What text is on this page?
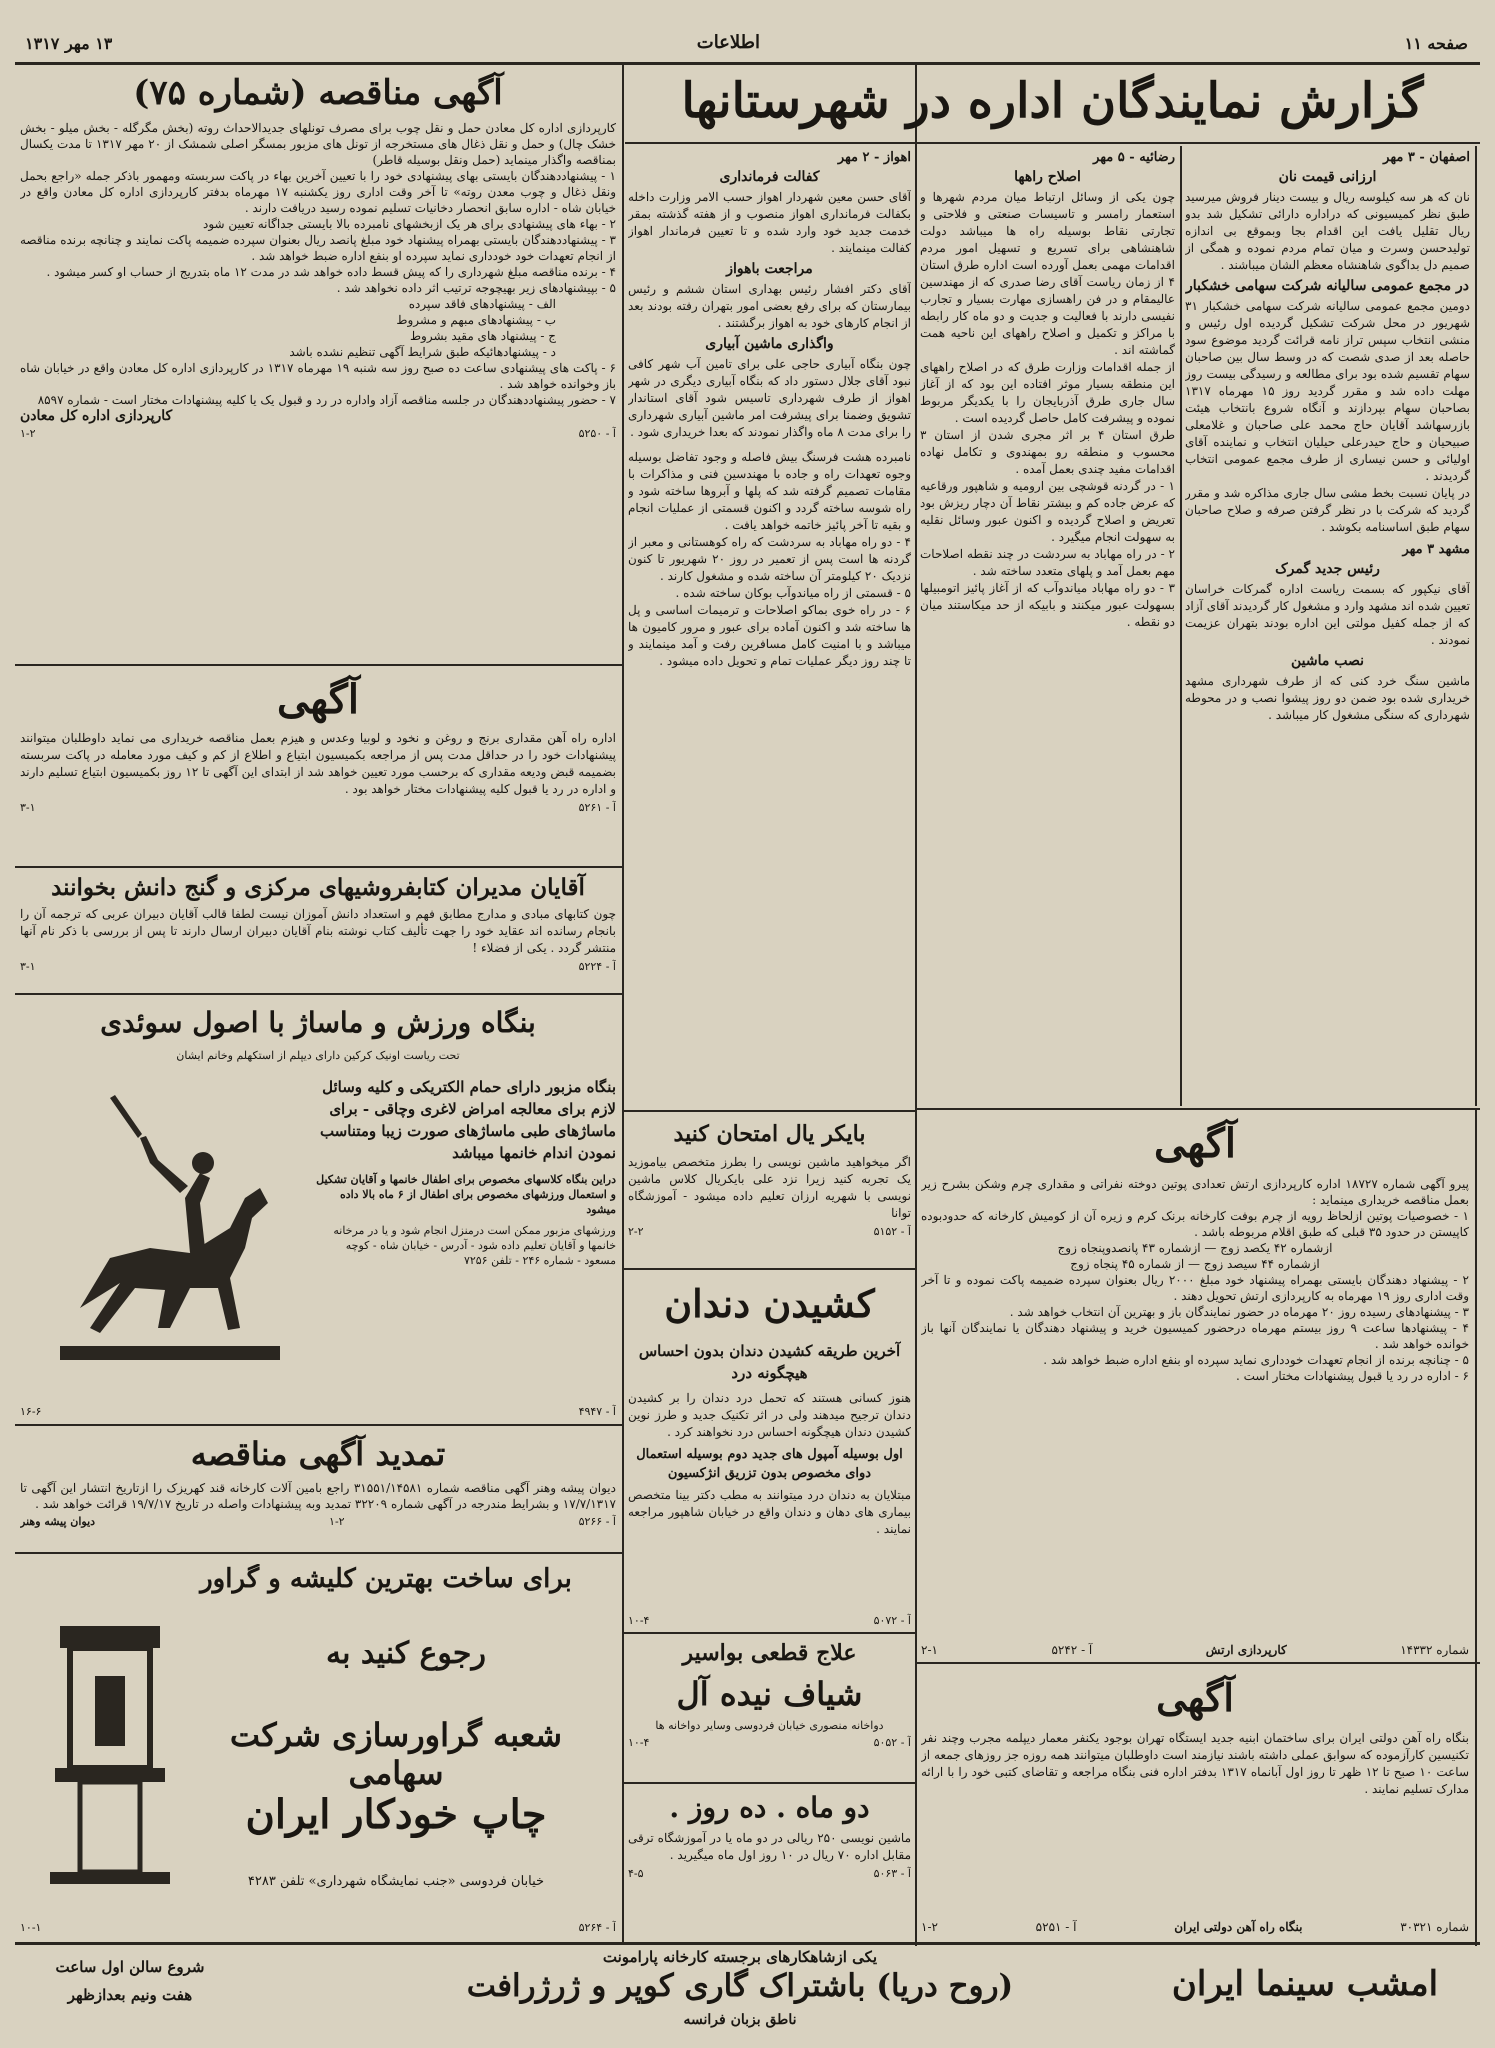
صفحه ۱۱
اطلاعات
۱۳ مهر ۱۳۱۷
گزارش نمایندگان اداره در شهرستانها
اصفهان - ۳ مهر
ارزانی قیمت نان
نان که هر سه کیلوسه ریال و بیست دینار فروش میرسید طبق نظر کمیسیونی که دراداره دارائی تشکیل شد بدو ریال تقلیل یافت این اقدام بجا وبموقع بی اندازه تولیدحسن وسرت و میان تمام مردم نموده و همگی از صمیم دل بداگوی شاهنشاه معظم الشان میباشند .
در مجمع عمومی سالیانه شرکت سهامی خشکبار
دومین مجمع عمومی سالیانه شرکت سهامی خشکبار ۳۱ شهریور در محل شرکت تشکیل گردیده اول رئیس و منشی انتخاب سپس تراز نامه قرائت گردید موضوع سود حاصله بعد از صدی شصت که در وسط سال بین صاحبان سهام تقسیم شده بود برای مطالعه و رسیدگی بیست روز مهلت داده شد و مقرر گردید روز ۱۵ مهرماه ۱۳۱۷ بصاحبان سهام بپردازند و آنگاه شروع بانتخاب هیئت بازرسهاشد آقایان حاج محمد علی صاحبان و غلامعلی صبیحیان و حاج حیدرعلی حیلیان انتخاب و نماینده آقای اولیائی و حسن نیساری از طرف مجمع عمومی انتخاب گردیدند .
در پایان نسبت بخط مشی سال جاری مذاکره شد و مقرر گردید که شرکت با در نظر گرفتن صرفه و صلاح صاحبان سهام طبق اساسنامه بکوشد .
مشهد ۳ مهر
رئیس جدید گمرک
آقای نیکپور که بسمت ریاست اداره گمرکات خراسان تعیین شده اند مشهد وارد و مشغول کار گردیدند آقای آزاد که از جمله کفیل مولتی این اداره بودند بتهران عزیمت نمودند .
نصب ماشین
ماشین سنگ خرد کنی که از طرف شهرداری مشهد خریداری شده بود ضمن دو روز پیشوا نصب و در محوطه شهرداری که سنگی مشغول کار میباشد .
رضائیه - ۵ مهر
اصلاح راهها
چون یکی از وسائل ارتباط میان مردم شهرها و استعمار رامسر و تاسیسات صنعتی و فلاحتی و تجارتی نقاط بوسیله راه ها میباشد دولت شاهنشاهی برای تسریع و تسهیل امور مردم اقدامات مهمی بعمل آورده است اداره طرق استان ۴ از زمان ریاست آقای رضا صدری که از مهندسین عالیمقام و در فن راهسازی مهارت بسیار و تجارب نفیسی دارند با فعالیت و جدیت و دو ماه کار رابطه با مراکز و تکمیل و اصلاح راههای این ناحیه همت گماشته اند .
از جمله اقدامات وزارت طرق که در اصلاح راههای این منطقه بسیار موثر افتاده این بود که از آغاز سال جاری طرق آذربایجان را با یکدیگر مربوط نموده و پیشرفت کامل حاصل گردیده است .
طرق استان ۴ بر اثر مجری شدن از استان ۳ محسوب و منطقه رو بمهندوی و تکامل نهاده اقدامات مفید چندی بعمل آمده .
۱ - در گردنه قوشچی بین ارومیه و شاهپور ورقاعیه که عرض جاده کم و بیشتر نقاط آن دچار ریزش بود تعریض و اصلاح گردیده و اکنون عبور وسائل نقلیه به سهولت انجام میگیرد .
۲ - در راه مهاباد به سردشت در چند نقطه اصلاحات مهم بعمل آمد و پلهای متعدد ساخته شد .
۳ - دو راه مهاباد میاندوآب که از آغاز پائیز اتومبیلها بسهولت عبور میکنند و بابیکه از حد میکاستند میان دو نقطه .
اهواز - ۲ مهر
کفالت فرمانداری
آقای حسن معین شهردار اهواز حسب الامر وزارت داخله بکفالت فرمانداری اهواز منصوب و از هفته گذشته بمقر خدمت جدید خود وارد شده و تا تعیین فرماندار اهواز کفالت مینمایند .
مراجعت باهواز
آقای دکتر افشار رئیس بهداری استان ششم و رئیس بیمارستان که برای رفع بعضی امور بتهران رفته بودند بعد از انجام کارهای خود به اهواز برگشتند .
واگذاری ماشین آبیاری
چون بنگاه آبیاری حاجی علی برای تامین آب شهر کافی نبود آقای جلال دستور داد که بنگاه آبیاری دیگری در شهر اهواز از طرف شهرداری تاسیس شود آقای استاندار تشویق وضمنا برای پیشرفت امر ماشین آبیاری شهرداری را برای مدت ۸ ماه واگذار نمودند که بعدا خریداری شود .
نامبرده هشت فرسنگ بیش فاصله و وجود تفاضل بوسیله وجوه تعهدات راه و جاده با مهندسین فنی و مذاکرات با مقامات تصمیم گرفته شد که پلها و آبروها ساخته شود و راه شوسه ساخته گردد و اکنون قسمتی از عملیات انجام و بقیه تا آخر پائیز خاتمه خواهد یافت .
۴ - دو راه مهاباد به سردشت که راه کوهستانی و معبر از گردنه ها است پس از تعمیر در روز ۲۰ شهریور تا کنون نزدیک ۲۰ کیلومتر آن ساخته شده و مشغول کارند .
۵ - قسمتی از راه میاندوآب بوکان ساخته شده .
۶ - در راه خوی بماکو اصلاحات و ترمیمات اساسی و پل ها ساخته شد و اکنون آماده برای عبور و مرور کامیون ها میباشد و با امنیت کامل مسافرین رفت و آمد مینمایند و تا چند روز دیگر عملیات تمام و تحویل داده میشود .
آگهی مناقصه (شماره ۷۵)
کارپردازی اداره کل معادن حمل و نقل چوب برای مصرف تونلهای جدیدالاحداث روته (بخش مگرگله - بخش میلو - بخش خشک چال) و حمل و نقل ذغال های مستخرجه از تونل های مزبور بمسگر اصلی شمشک از ۲۰ مهر ۱۳۱۷ تا مدت یکسال بمناقصه واگذار مینماید (حمل ونقل بوسیله قاطر)
۱ - پیشنهاددهندگان بایستی بهای پیشنهادی خود را با تعیین آخرین بهاء در پاکت سربسته ومهمور باذکر جمله «راجع بحمل ونقل ذغال و چوب معدن روته» تا آخر وقت اداری روز یکشنبه ۱۷ مهرماه بدفتر کارپردازی اداره کل معادن واقع در خیابان شاه - اداره سابق انحصار دخانیات تسلیم نموده رسید دریافت دارند .
۲ - بهاء های پیشنهادی برای هر یک ازبخشهای نامبرده بالا بایستی جداگانه تعیین شود
۳ - پیشنهاددهندگان بایستی بهمراه پیشنهاد خود مبلغ پانصد ریال بعنوان سپرده ضمیمه پاکت نمایند و چنانچه برنده مناقصه از انجام تعهدات خود خودداری نماید سپرده او بنفع اداره ضبط خواهد شد .
۴ - برنده مناقصه مبلغ شهرداری را که پیش قسط داده خواهد شد در مدت ۱۲ ماه بتدریج از حساب او کسر میشود .
۵ - بپیشنهادهای زیر بهیچوجه ترتیب اثر داده نخواهد شد .
الف - پیشنهادهای فاقد سپرده
ب - پیشنهادهای مبهم و مشروط
ج - پیشنهاد های مقید بشروط
د - پیشنهادهائیکه طبق شرایط آگهی تنظیم نشده باشد
۶ - پاکت های پیشنهادی ساعت ده صبح روز سه شنبه ۱۹ مهرماه ۱۳۱۷ در کارپردازی اداره کل معادن واقع در خیابان شاه باز وخوانده خواهد شد .
۷ - حضور پیشنهاددهندگان در جلسه مناقصه آزاد واداره در رد و قبول یک یا کلیه پیشنهادات مختار است - شماره ۸۵۹۷
کارپردازی اداره کل معادن
آ - ۵۲۵۰
۱-۲
آگهی
اداره راه آهن مقداری برنج و روغن و نخود و لوبیا وعدس و هیزم بعمل مناقصه خریداری می نماید داوطلبان میتوانند پیشنهادات خود را در حداقل مدت پس از مراجعه بکمیسیون ابتیاع و اطلاع از کم و کیف مورد معامله در پاکت سربسته بضمیمه قبض ودیعه مقداری که برحسب مورد تعیین خواهد شد از ابتدای این آگهی تا ۱۲ روز بکمیسیون ابتیاع تسلیم دارند و اداره در رد یا قبول کلیه پیشنهادات مختار خواهد بود .
آ - ۵۲۶۱
۳-۱
آقایان مدیران کتابفروشیهای مرکزی و گنج دانش بخوانند
چون کتابهای مبادی و مدارج مطابق فهم و استعداد دانش آموزان نیست لطفا قالب آقایان دبیران عربی که ترجمه آن را بانجام رسانده اند عقاید خود را جهت تألیف کتاب نوشته بنام آقایان دبیران ارسال دارند تا پس از بررسی با ذکر نام آنها منتشر گردد . یکی از فضلاء !
آ - ۵۲۲۴
۳-۱
بنگاه ورزش و ماساژ با اصول سوئدی
تحت ریاست اونیک کرکین دارای دیپلم از استکهلم وخانم ایشان
بنگاه مزبور دارای حمام الکتریکی و کلیه وسائل لازم برای معالجه امراض لاغری وچاقی - برای ماساژهای طبی ماساژهای صورت زیبا ومتناسب نمودن اندام خانمها میباشد
دراین بنگاه کلاسهای مخصوص برای اطفال خانمها و آقایان تشکیل و استعمال ورزشهای مخصوص برای اطفال از ۶ ماه بالا داده میشود
ورزشهای مزبور ممکن است درمنزل انجام شود و یا در مرخانه خانمها و آقایان تعلیم داده شود - آدرس - خیابان شاه - کوچه مسعود - شماره ۲۴۶ - تلفن ۷۲۵۶
آ - ۴۹۴۷
۱۶-۶
تمدید آگهی مناقصه
دیوان پیشه وهنر آگهی مناقصه شماره ۳۱۵۵۱/۱۴۵۸۱ راجع بامین آلات کارخانه قند کهریزک را ازتاریخ انتشار این آگهی تا ۱۷/۷/۱۳۱۷ و بشرایط مندرجه در آگهی شماره ۳۲۲۰۹ تمدید وبه پیشنهادات واصله در تاریخ ۱۹/۷/۱۷ قرائت خواهد شد .
آ - ۵۲۶۶
۱-۲
دیوان پیشه وهنر
برای ساخت بهترین کلیشه و گراور
رجوع کنید به
شعبه گراورسازی شرکت سهامی
چاپ خودکار ایران
خیابان فردوسی «جنب نمایشگاه شهرداری» تلفن ۴۲۸۳
آ - ۵۲۶۴
۱۰-۱
بایکر یال امتحان کنید
اگر میخواهید ماشین نویسی را بطرز متخصص بیاموزید یک تجربه کنید زیرا نزد علی بایکریال کلاس ماشین نویسی با شهریه ارزان تعلیم داده میشود - آموزشگاه توانا
آ - ۵۱۵۲
۲-۲
کشیدن دندان
آخرین طریقه کشیدن دندان بدون احساس هیچگونه درد
هنوز کسانی هستند که تحمل درد دندان را بر کشیدن دندان ترجیح میدهند ولی در اثر تکنیک جدید و طرز نوین کشیدن دندان هیچگونه احساس درد نخواهند کرد .
اول بوسیله آمپول های جدید دوم بوسیله استعمال دوای مخصوص بدون تزریق انژکسیون
مبتلایان به دندان درد میتوانند به مطب دکتر بینا متخصص بیماری های دهان و دندان واقع در خیابان شاهپور مراجعه نمایند .
آ - ۵۰۷۲
۱۰-۴
علاج قطعی بواسیر
شیاف نیده آل
دواخانه منصوری خیابان فردوسی وسایر دواخانه ها
آ - ۵۰۵۲
۱۰-۴
دو ماه . ده روز .
ماشین نویسی ۲۵۰ ریالی در دو ماه یا در آموزشگاه ترقی مقابل اداره ۷۰ ریال در ۱۰ روز اول ماه میگیرید .
آ - ۵۰۶۳
۴-۵
آگهی
پیرو آگهی شماره ۱۸۷۲۷ اداره کارپردازی ارتش تعدادی پوتین دوخته نفراتی و مقداری چرم وشکن بشرح زیر بعمل مناقصه خریداری مینماید :
۱ - خصوصیات پوتین ازلحاظ رویه از چرم بوفت کارخانه برنک کرم و زیره آن از کومیش کارخانه که حدودبوده کاپیستن در حدود ۳۵ قبلی که طبق اقلام مربوطه باشد .
ازشماره ۴۲ یکصد زوج — ازشماره ۴۳ پانصدوپنجاه زوج
ازشماره ۴۴ سیصد زوج — از شماره ۴۵ پنجاه زوج
۲ - پیشنهاد دهندگان بایستی بهمراه پیشنهاد خود مبلغ ۲۰۰۰ ریال بعنوان سپرده ضمیمه پاکت نموده و تا آخر وقت اداری روز ۱۹ مهرماه به کارپردازی ارتش تحویل دهند .
۳ - پیشنهادهای رسیده روز ۲۰ مهرماه در حضور نمایندگان باز و بهترین آن انتخاب خواهد شد .
۴ - پیشنهادها ساعت ۹ روز بیستم مهرماه درحضور کمیسیون خرید و پیشنهاد دهندگان یا نمایندگان آنها باز خوانده خواهد شد .
۵ - چنانچه برنده از انجام تعهدات خودداری نماید سپرده او بنفع اداره ضبط خواهد شد .
۶ - اداره در رد یا قبول پیشنهادات مختار است .
شماره ۱۴۳۳۲
کارپردازی ارتش
آ - ۵۲۴۲
۲-۱
آگهی
بنگاه راه آهن دولتی ایران برای ساختمان ابنیه جدید ایستگاه تهران بوجود یکنفر معمار دیپلمه مجرب وچند نفر تکنیسین کارآزموده که سوابق عملی داشته باشند نیازمند است داوطلبان میتوانند همه روزه جز روزهای جمعه از ساعت ۱۰ صبح تا ۱۲ ظهر تا روز اول آبانماه ۱۳۱۷ بدفتر اداره فنی بنگاه مراجعه و تقاضای کتبی خود را با ارائه مدارک تسلیم نمایند .
شماره ۳۰۳۲۱
بنگاه راه آهن دولتی ایران
آ - ۵۲۵۱
۱-۲
امشب سینما ایران
یکی ازشاهکارهای برجسته کارخانه پارامونت
(روح دریا) باشتراک گاری کوپر و ژرژرافت
ناطق بزبان فرانسه
شروع سالن اول ساعت
هفت ونیم بعدازظهر
